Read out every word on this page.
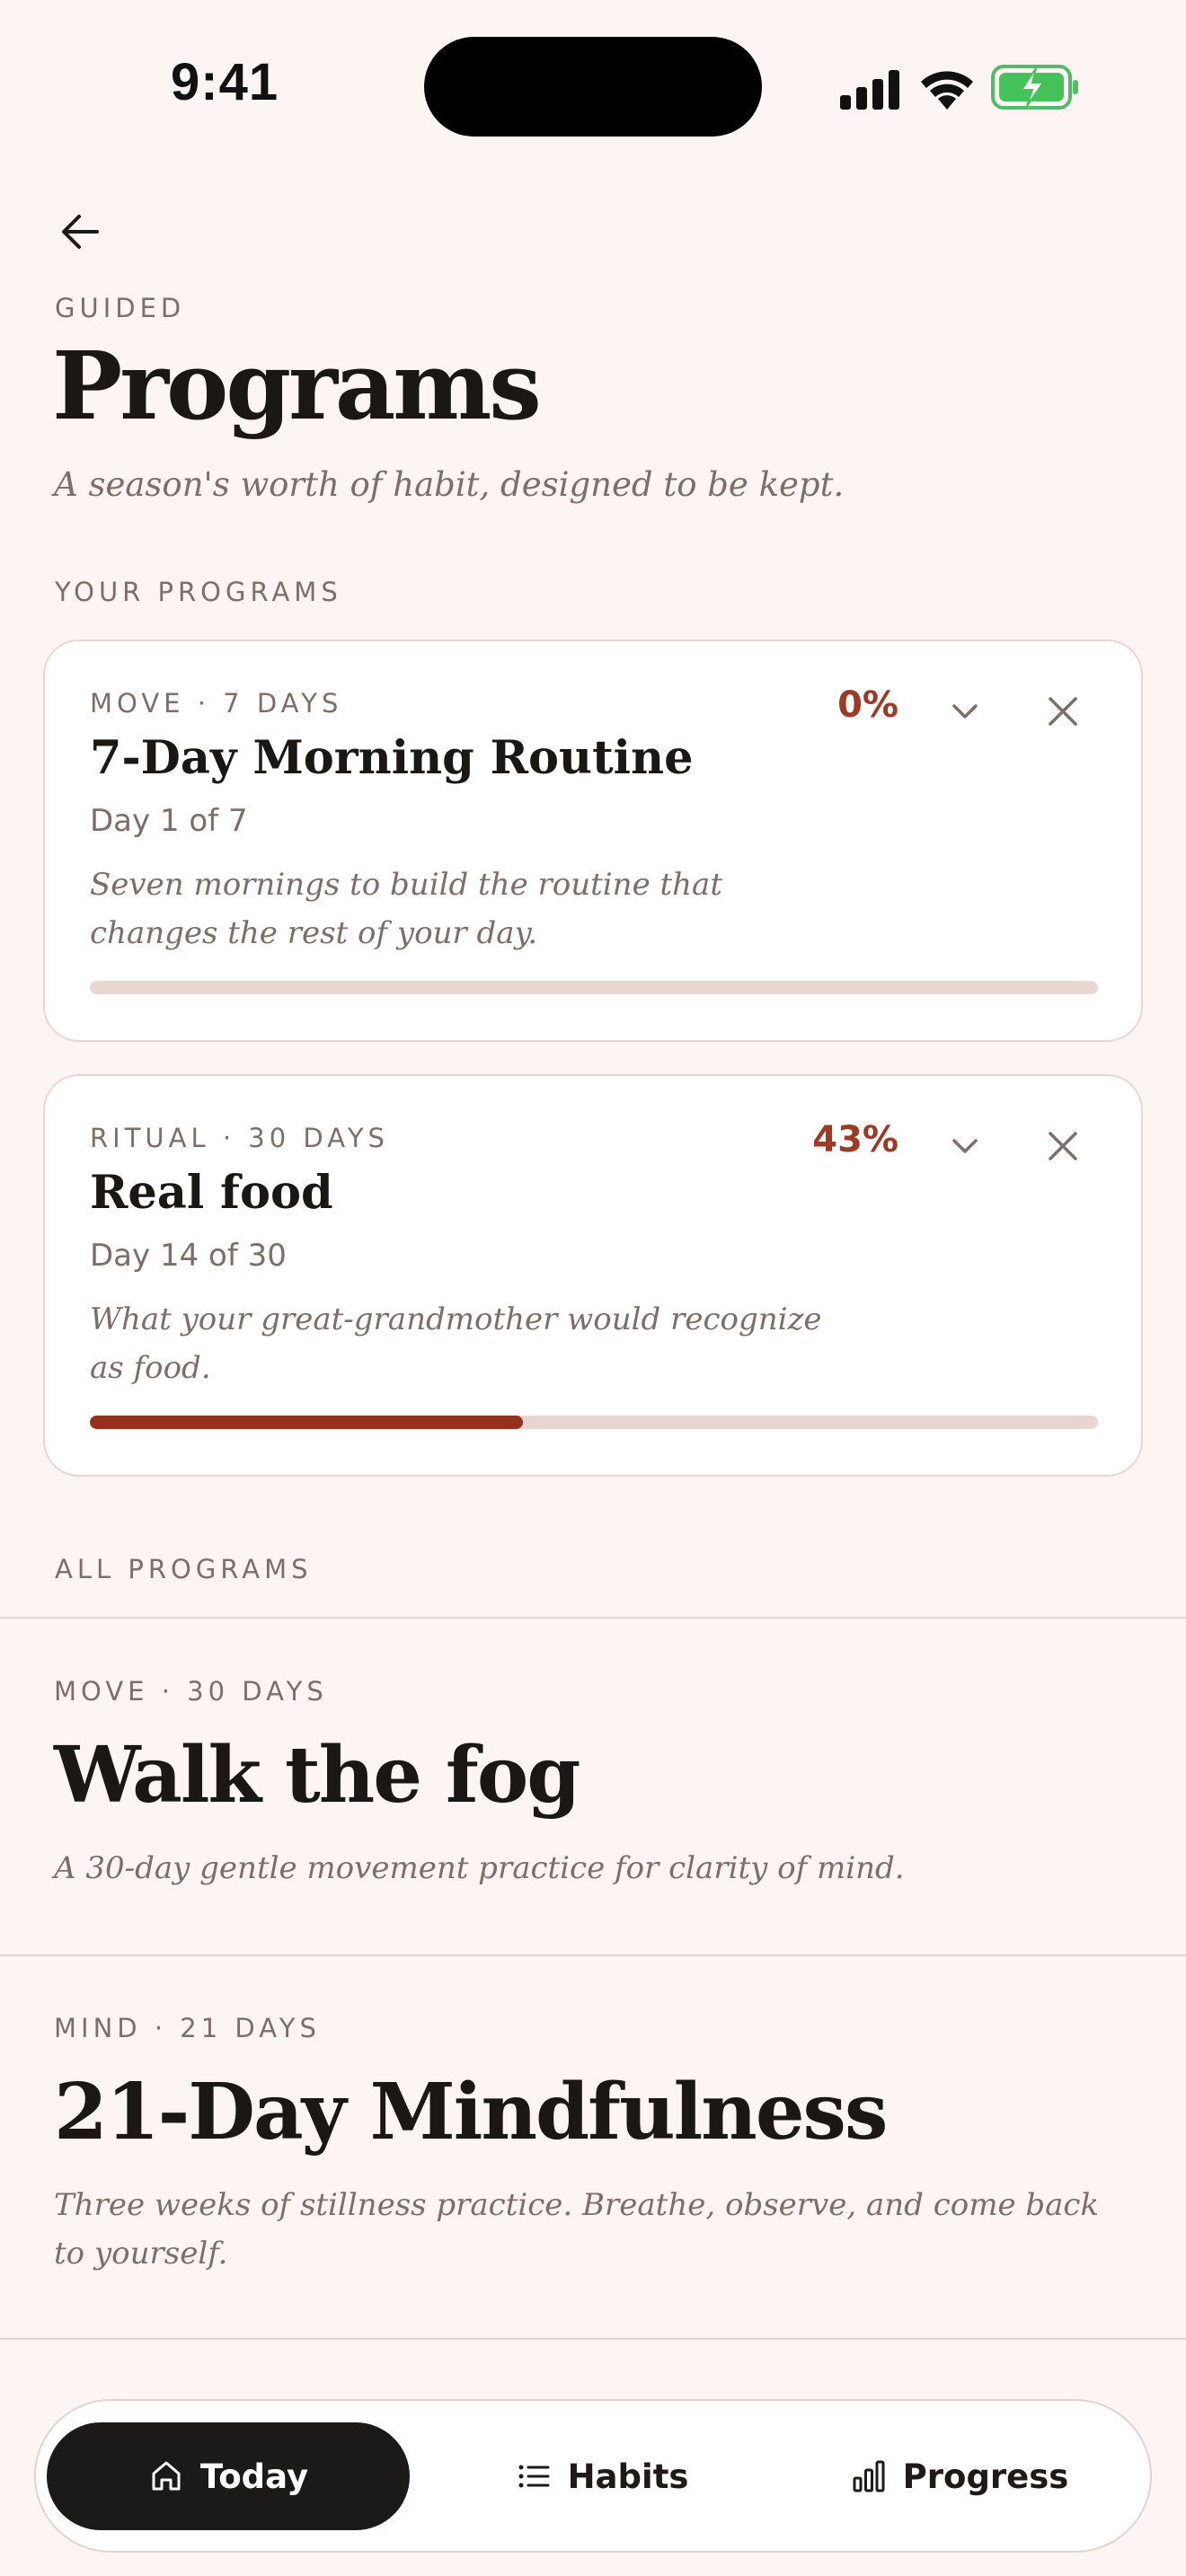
9:41
GUIDED
Programs
A season's worth of habit, designed to be kept.
YOUR PROGRAMS
MOVE · 7 DAYS
7-Day Morning Routine
Day 1 of 7
Seven mornings to build the routine that changes the rest of your day.
0%
RITUAL · 30 DAYS
Real food
Day 14 of 30
What your great-grandmother would recognize as food.
43%
ALL PROGRAMS
MOVE · 30 DAYS
Walk the fog
A 30-day gentle movement practice for clarity of mind.
MIND · 21 DAYS
21-Day Mindfulness
Three weeks of stillness practice. Breathe, observe, and come back to yourself.
Today	Habits	Progress
